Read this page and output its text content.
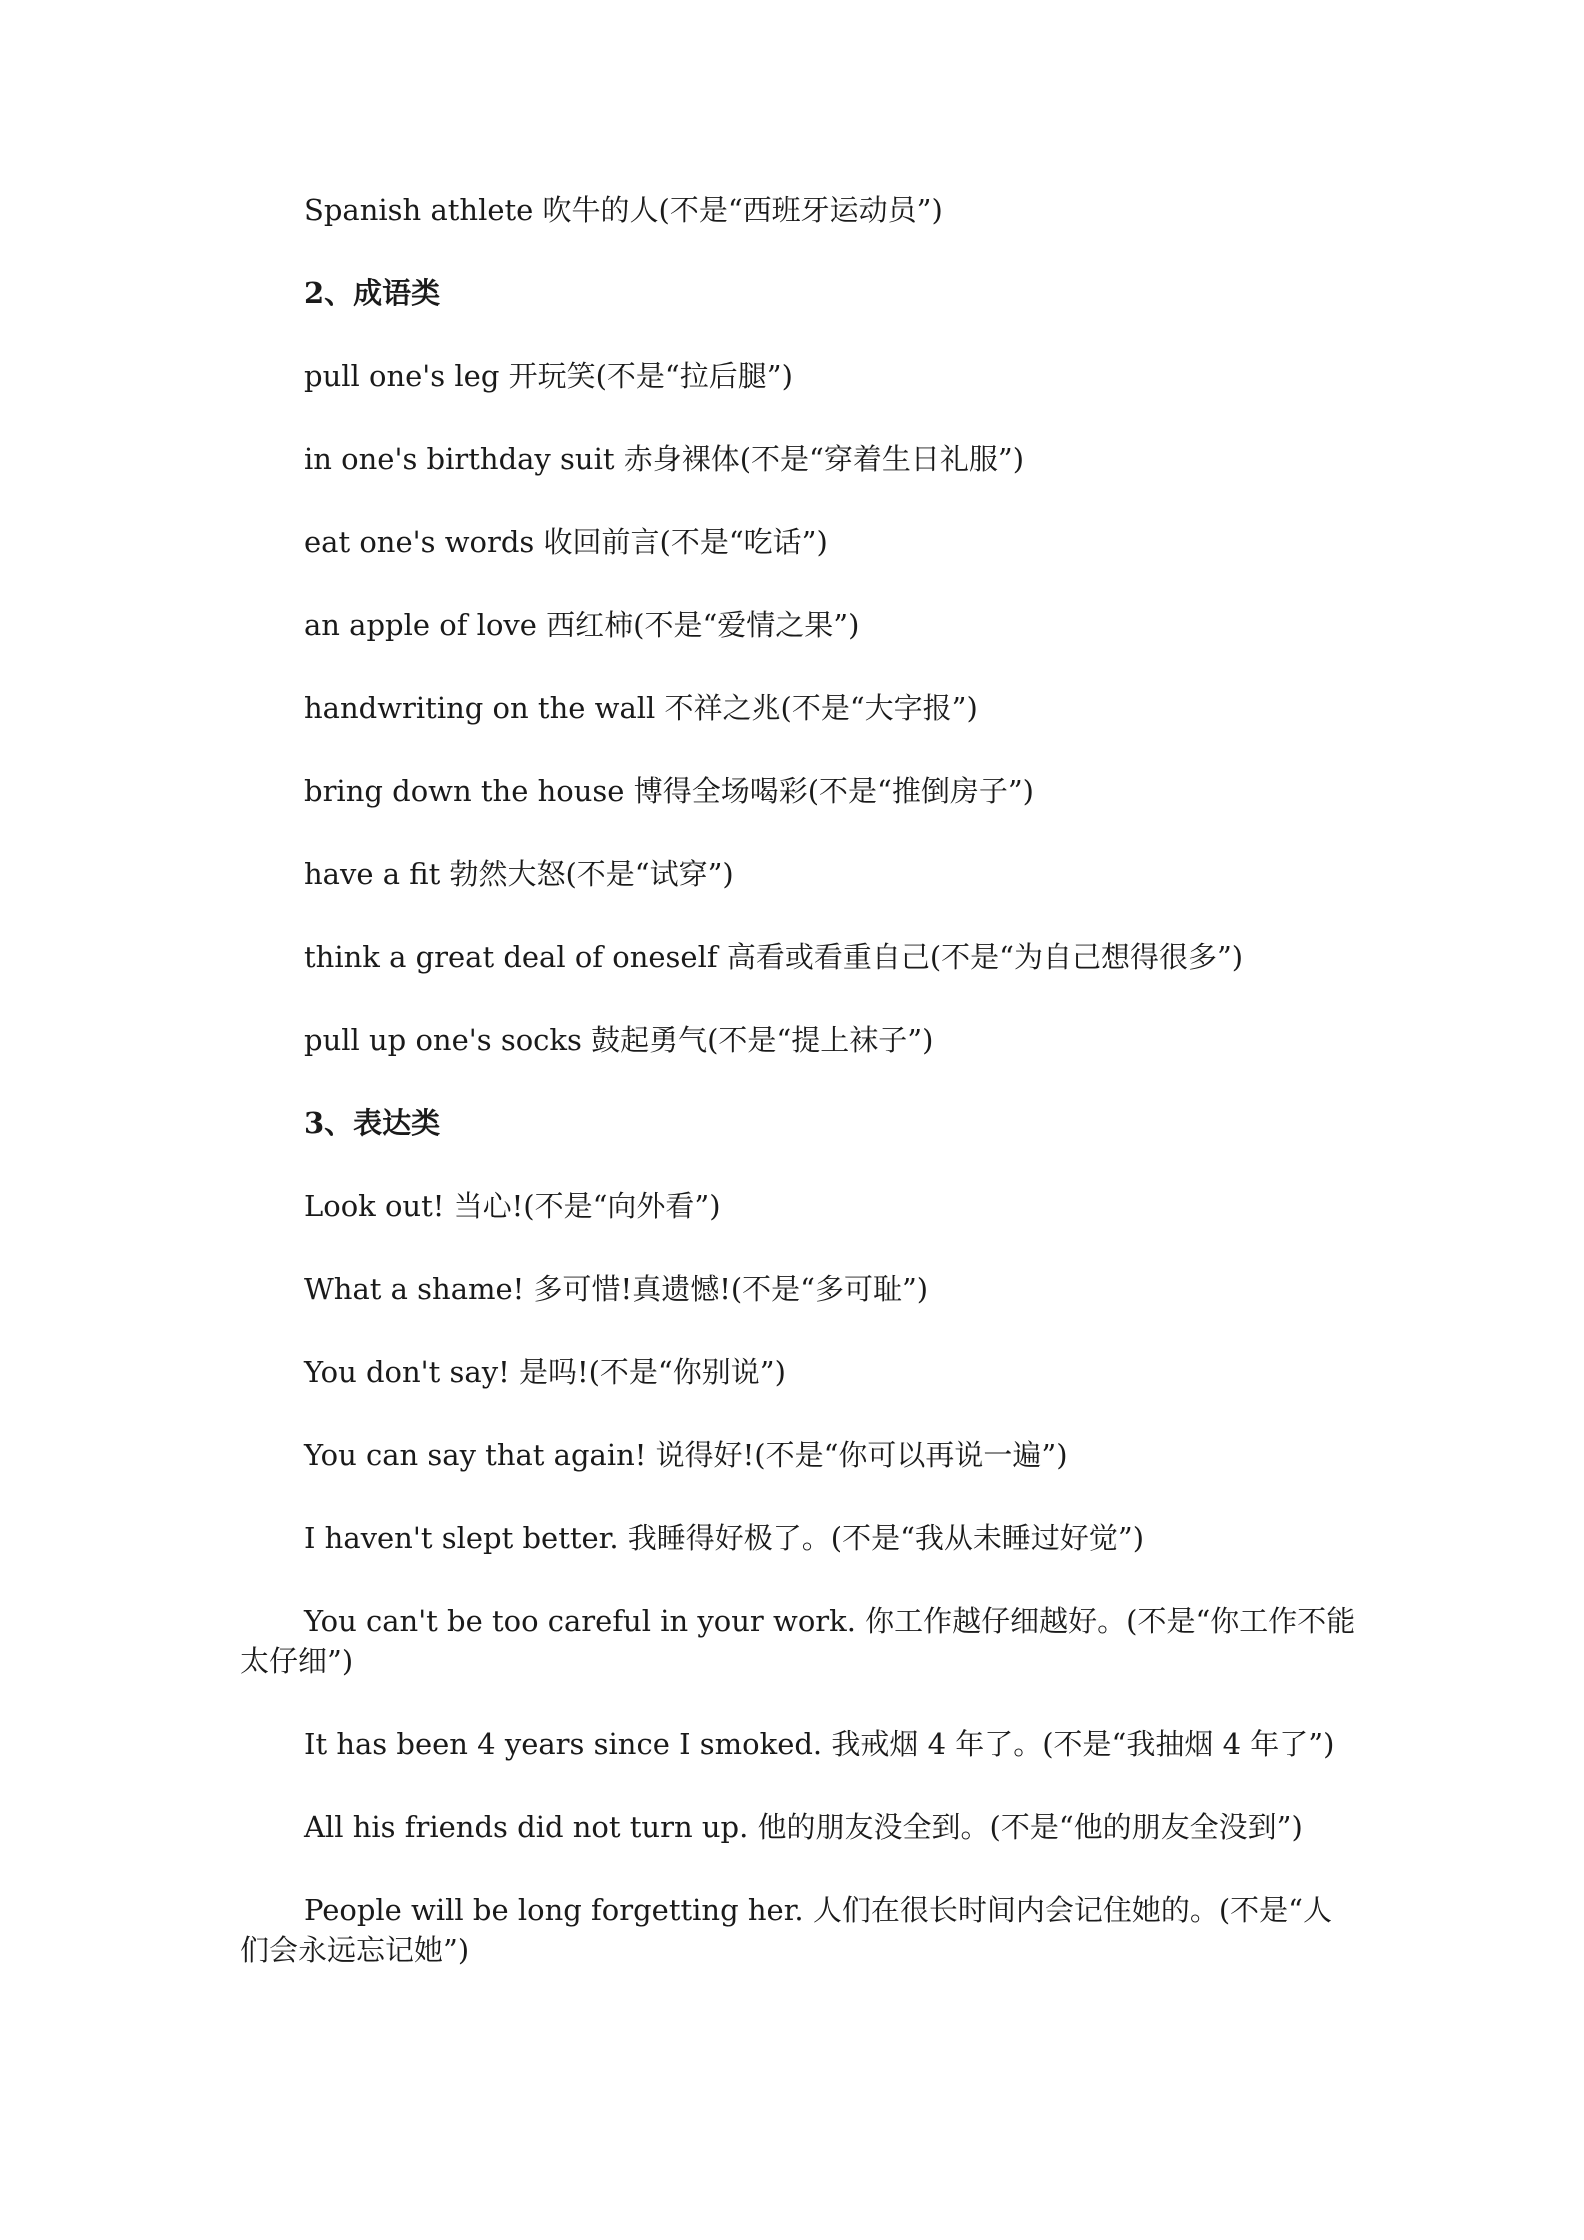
Spanish athlete 吹牛的人(不是“西班牙运动员”)

2、成语类

pull one's leg 开玩笑(不是“拉后腿”)

in one's birthday suit 赤身裸体(不是“穿着生日礼服”)

eat one's words 收回前言(不是“吃话”)

an apple of love 西红柿(不是“爱情之果”)

handwriting on the wall 不祥之兆(不是“大字报”)

bring down the house 博得全场喝彩(不是“推倒房子”)

have a fit 勃然大怒(不是“试穿”)

think a great deal of oneself 高看或看重自己(不是“为自己想得很多”)

pull up one's socks 鼓起勇气(不是“提上袜子”)

3、表达类

Look out! 当心!(不是“向外看”)

What a shame! 多可惜!真遗憾!(不是“多可耻”)

You don't say! 是吗!(不是“你别说”)

You can say that again! 说得好!(不是“你可以再说一遍”)

I haven't slept better. 我睡得好极了。(不是“我从未睡过好觉”)

You can't be too careful in your work. 你工作越仔细越好。(不是“你工作不能太仔细”)

It has been 4 years since I smoked. 我戒烟 4 年了。(不是“我抽烟 4 年了”)

All his friends did not turn up. 他的朋友没全到。(不是“他的朋友全没到”)

People will be long forgetting her. 人们在很长时间内会记住她的。(不是“人们会永远忘记她”)
